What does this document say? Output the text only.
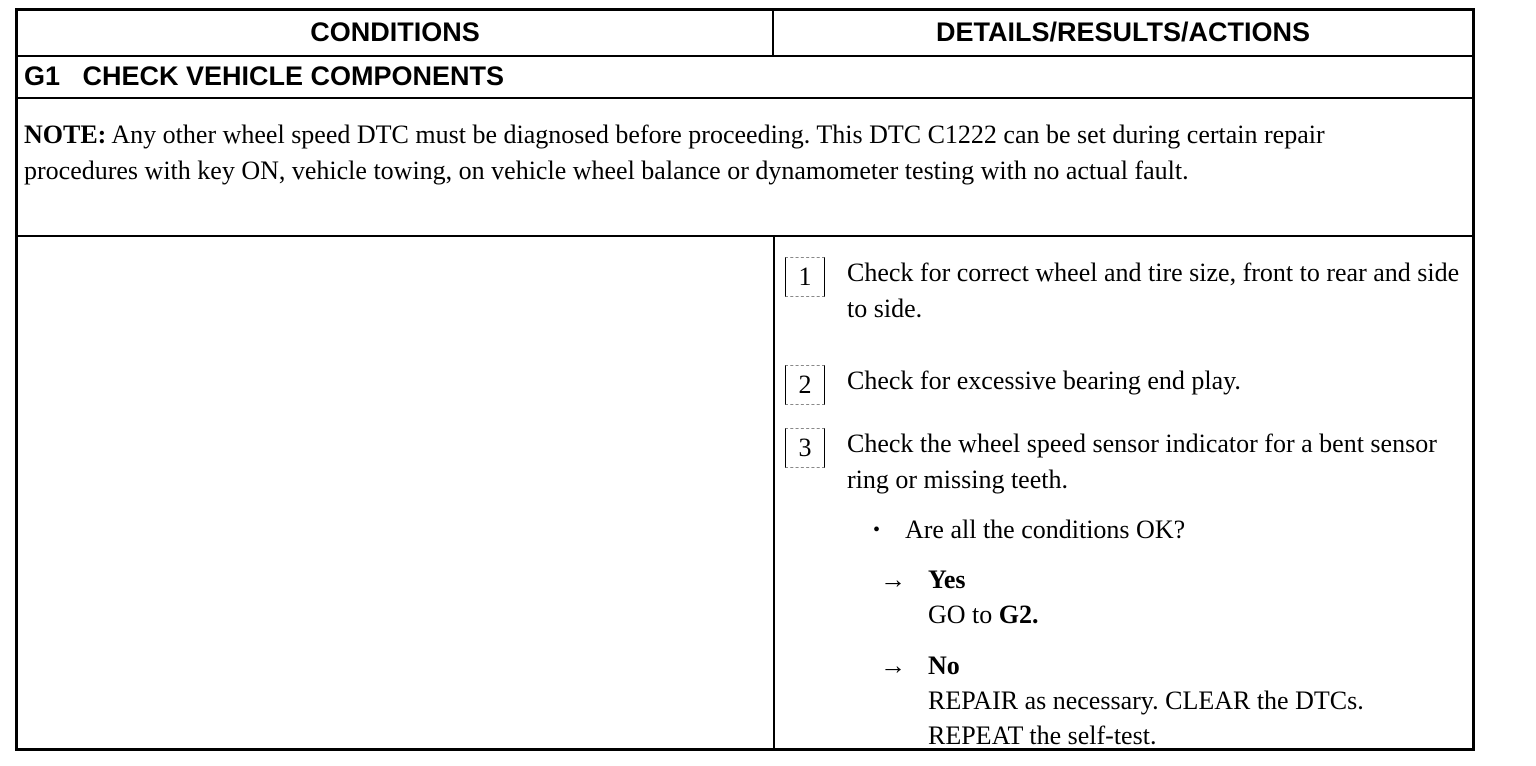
CONDITIONS	DETAILS/RESULTS/ACTIONS
G1   CHECK VEHICLE COMPONENTS
NOTE: Any other wheel speed DTC must be diagnosed before proceeding. This DTC C1222 can be set during certain repair procedures with key ON, vehicle towing, on vehicle wheel balance or dynamometer testing with no actual fault.
1	Check for correct wheel and tire size, front to rear and side to side.
2	Check for excessive bearing end play.
3	Check the wheel speed sensor indicator for a bent sensor ring or missing teeth.
• Are all the conditions OK?
→ Yes
GO to G2.
→ No
REPAIR as necessary. CLEAR the DTCs.
REPEAT the self-test.
